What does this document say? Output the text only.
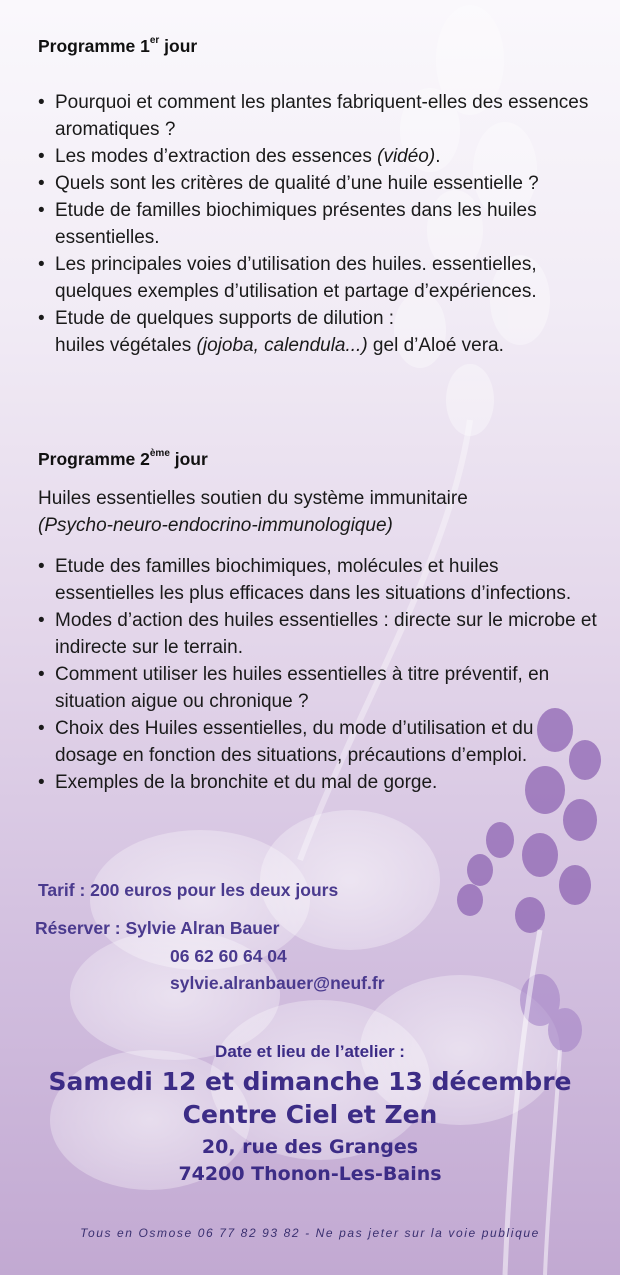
Programme 1er jour
• Pourquoi et comment les plantes fabriquent-elles des essences aromatiques ?
• Les modes d’extraction des essences (vidéo).
• Quels sont les critères de qualité d’une huile essentielle ?
• Etude de familles biochimiques présentes dans les huiles essentielles.
• Les principales voies d’utilisation des huiles. essentielles, quelques exemples d’utilisation et partage d’expériences.
• Etude de quelques supports de dilution :
huiles végétales (jojoba, calendula...) gel d’Aloé vera.
Programme 2ème jour
Huiles essentielles soutien du système immunitaire
(Psycho-neuro-endocrino-immunologique)
• Etude des familles biochimiques, molécules et huiles essentielles les plus efficaces dans les situations d’infections.
• Modes d’action des huiles essentielles : directe sur le microbe et indirecte sur le terrain.
• Comment utiliser les huiles essentielles à titre préventif, en situation aigue ou chronique ?
• Choix des Huiles essentielles, du mode d’utilisation et du dosage en fonction des situations, précautions d’emploi.
• Exemples de la bronchite et du mal de gorge.
Tarif : 200 euros pour les deux jours
Réserver : Sylvie Alran Bauer
06 62 60 64 04
sylvie.alranbauer@neuf.fr
Date et lieu de l’atelier :
Samedi 12 et dimanche 13 décembre
Centre Ciel et Zen
20, rue des Granges
74200 Thonon-Les-Bains
Tous en Osmose 06 77 82 93 82 - Ne pas jeter sur la voie publique
